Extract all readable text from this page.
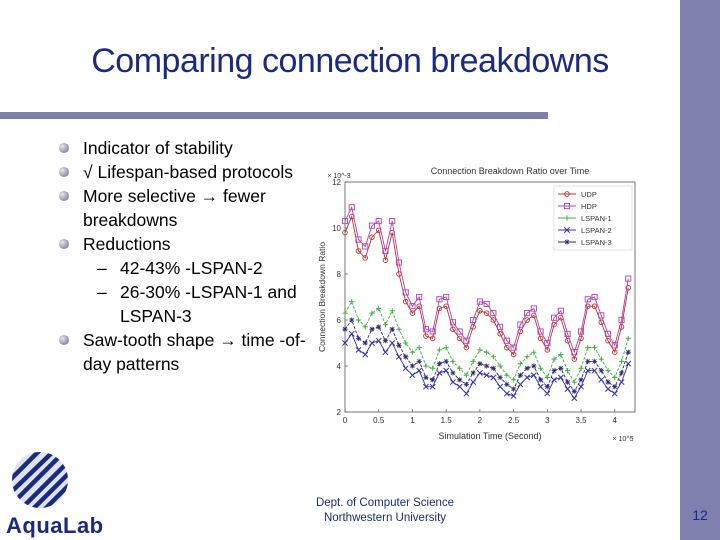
Comparing connection breakdowns
Indicator of stability
√ Lifespan-based protocols
More selective → fewer breakdowns
Reductions
– 42-43% -LSPAN-2
– 26-30% -LSPAN-1 and LSPAN-3
Saw-tooth shape → time -of-day patterns
Connection Breakdown Ratio over Time
2
4
6
8
10
12
0	0.5	1	1.5	2	2.5	3	3.5	4
Simulation Time (Second)	× 10^5
× 10^-3
Connection Breakdown Ratio
UDP
HDP
LSPAN-1
LSPAN-2
LSPAN-3
AquaLab
Dept. of Computer Science
Northwestern University	12
